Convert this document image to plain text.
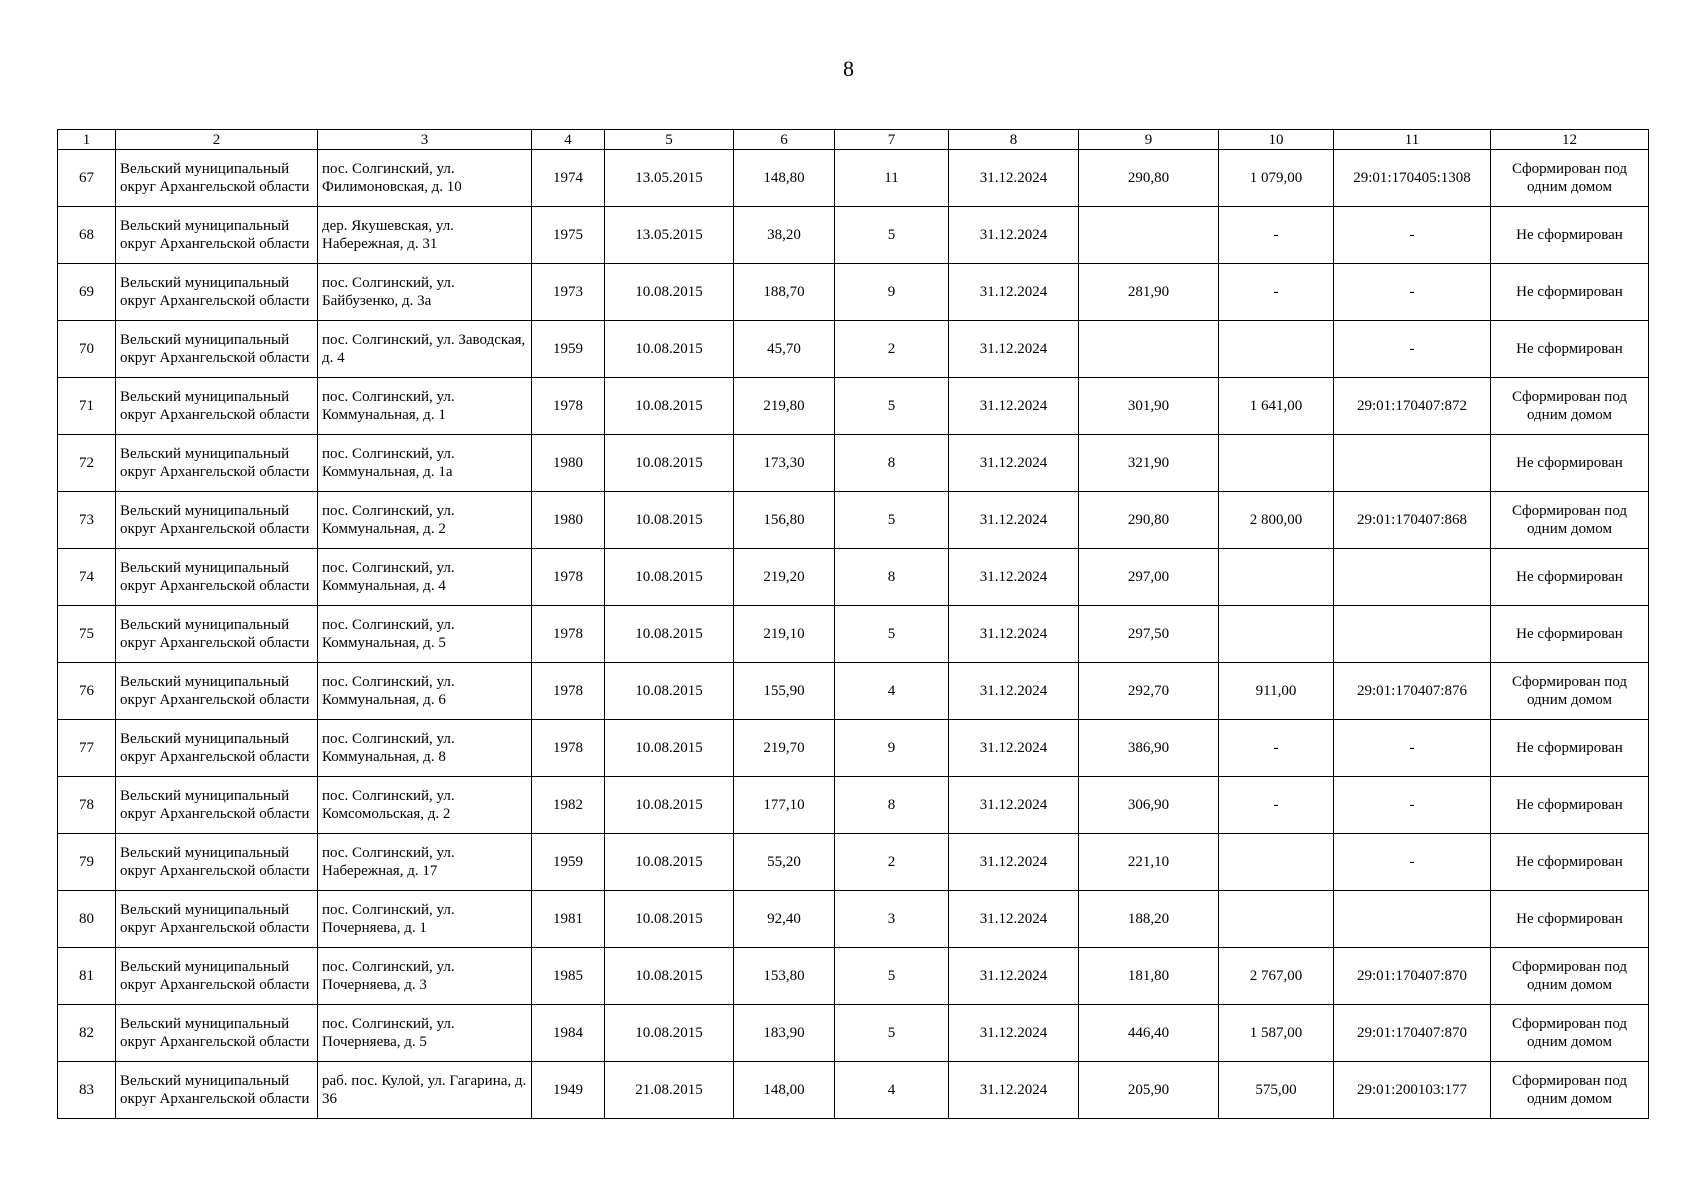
8
1	2	3	4	5	6	7	8	9	10	11	12
67	Вельский муниципальный округ Архангельской области	пос. Солгинский, ул. Филимоновская, д. 10	1974	13.05.2015	148,80	11	31.12.2024	290,80	1 079,00	29:01:170405:1308	Сформирован под одним домом
68	Вельский муниципальный округ Архангельской области	дер. Якушевская, ул. Набережная, д. 31	1975	13.05.2015	38,20	5	31.12.2024		-	-	Не сформирован
69	Вельский муниципальный округ Архангельской области	пос. Солгинский, ул. Байбузенко, д. 3а	1973	10.08.2015	188,70	9	31.12.2024	281,90	-	-	Не сформирован
70	Вельский муниципальный округ Архангельской области	пос. Солгинский, ул. Заводская, д. 4	1959	10.08.2015	45,70	2	31.12.2024			-	Не сформирован
71	Вельский муниципальный округ Архангельской области	пос. Солгинский, ул. Коммунальная, д. 1	1978	10.08.2015	219,80	5	31.12.2024	301,90	1 641,00	29:01:170407:872	Сформирован под одним домом
72	Вельский муниципальный округ Архангельской области	пос. Солгинский, ул. Коммунальная, д. 1а	1980	10.08.2015	173,30	8	31.12.2024	321,90			Не сформирован
73	Вельский муниципальный округ Архангельской области	пос. Солгинский, ул. Коммунальная, д. 2	1980	10.08.2015	156,80	5	31.12.2024	290,80	2 800,00	29:01:170407:868	Сформирован под одним домом
74	Вельский муниципальный округ Архангельской области	пос. Солгинский, ул. Коммунальная, д. 4	1978	10.08.2015	219,20	8	31.12.2024	297,00			Не сформирован
75	Вельский муниципальный округ Архангельской области	пос. Солгинский, ул. Коммунальная, д. 5	1978	10.08.2015	219,10	5	31.12.2024	297,50			Не сформирован
76	Вельский муниципальный округ Архангельской области	пос. Солгинский, ул. Коммунальная, д. 6	1978	10.08.2015	155,90	4	31.12.2024	292,70	911,00	29:01:170407:876	Сформирован под одним домом
77	Вельский муниципальный округ Архангельской области	пос. Солгинский, ул. Коммунальная, д. 8	1978	10.08.2015	219,70	9	31.12.2024	386,90	-	-	Не сформирован
78	Вельский муниципальный округ Архангельской области	пос. Солгинский, ул. Комсомольская, д. 2	1982	10.08.2015	177,10	8	31.12.2024	306,90	-	-	Не сформирован
79	Вельский муниципальный округ Архангельской области	пос. Солгинский, ул. Набережная, д. 17	1959	10.08.2015	55,20	2	31.12.2024	221,10		-	Не сформирован
80	Вельский муниципальный округ Архангельской области	пос. Солгинский, ул. Почерняева, д. 1	1981	10.08.2015	92,40	3	31.12.2024	188,20			Не сформирован
81	Вельский муниципальный округ Архангельской области	пос. Солгинский, ул. Почерняева, д. 3	1985	10.08.2015	153,80	5	31.12.2024	181,80	2 767,00	29:01:170407:870	Сформирован под одним домом
82	Вельский муниципальный округ Архангельской области	пос. Солгинский, ул. Почерняева, д. 5	1984	10.08.2015	183,90	5	31.12.2024	446,40	1 587,00	29:01:170407:870	Сформирован под одним домом
83	Вельский муниципальный округ Архангельской области	раб. пос. Кулой, ул. Гагарина, д. 36	1949	21.08.2015	148,00	4	31.12.2024	205,90	575,00	29:01:200103:177	Сформирован под одним домом
